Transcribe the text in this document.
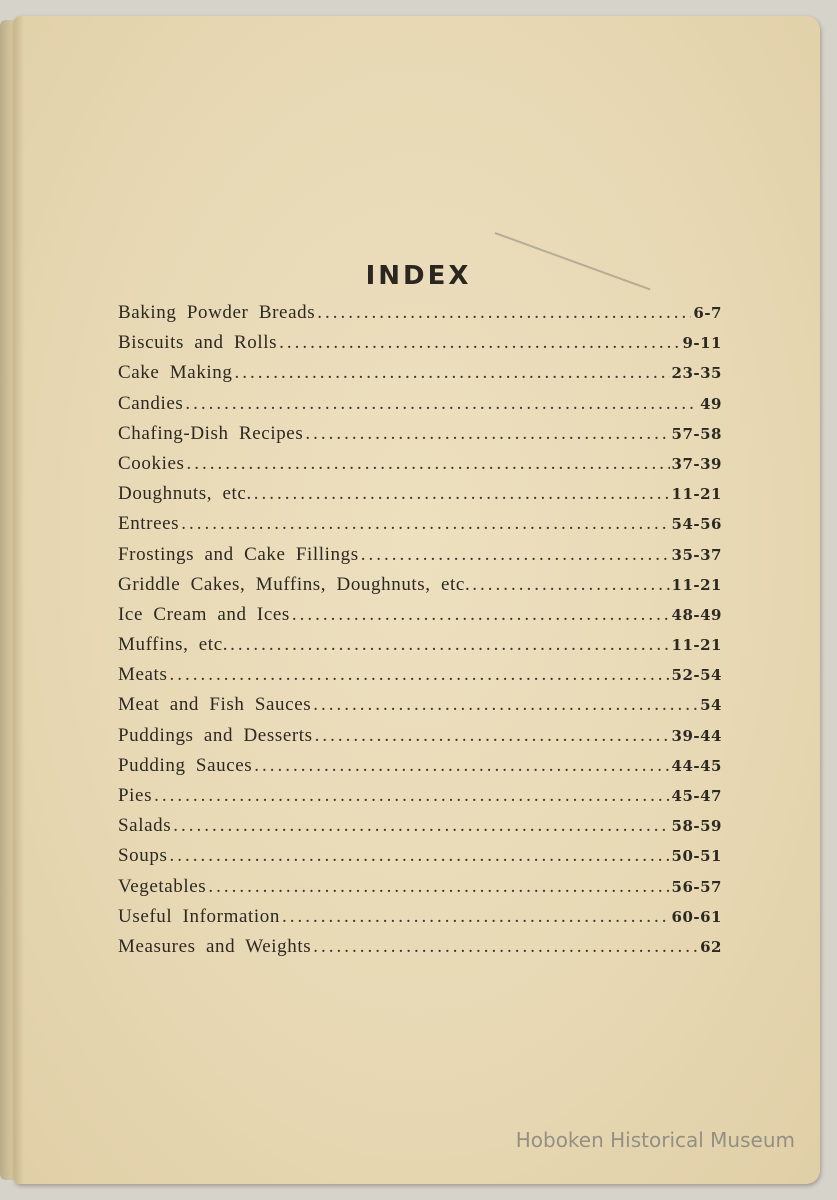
INDEX
Baking Powder Breads .....	6-7
Biscuits and Rolls .....	9-11
Cake Making .....	23-35
Candies .....	49
Chafing-Dish Recipes .....	57-58
Cookies .....	37-39
Doughnuts, etc. .....	11-21
Entrees .....	54-56
Frostings and Cake Fillings .....	35-37
Griddle Cakes, Muffins, Doughnuts, etc. .....	11-21
Ice Cream and Ices .....	48-49
Muffins, etc. .....	11-21
Meats .....	52-54
Meat and Fish Sauces .....	54
Puddings and Desserts .....	39-44
Pudding Sauces .....	44-45
Pies .....	45-47
Salads .....	58-59
Soups .....	50-51
Vegetables .....	56-57
Useful Information .....	60-61
Measures and Weights .....	62
Hoboken Historical Museum
